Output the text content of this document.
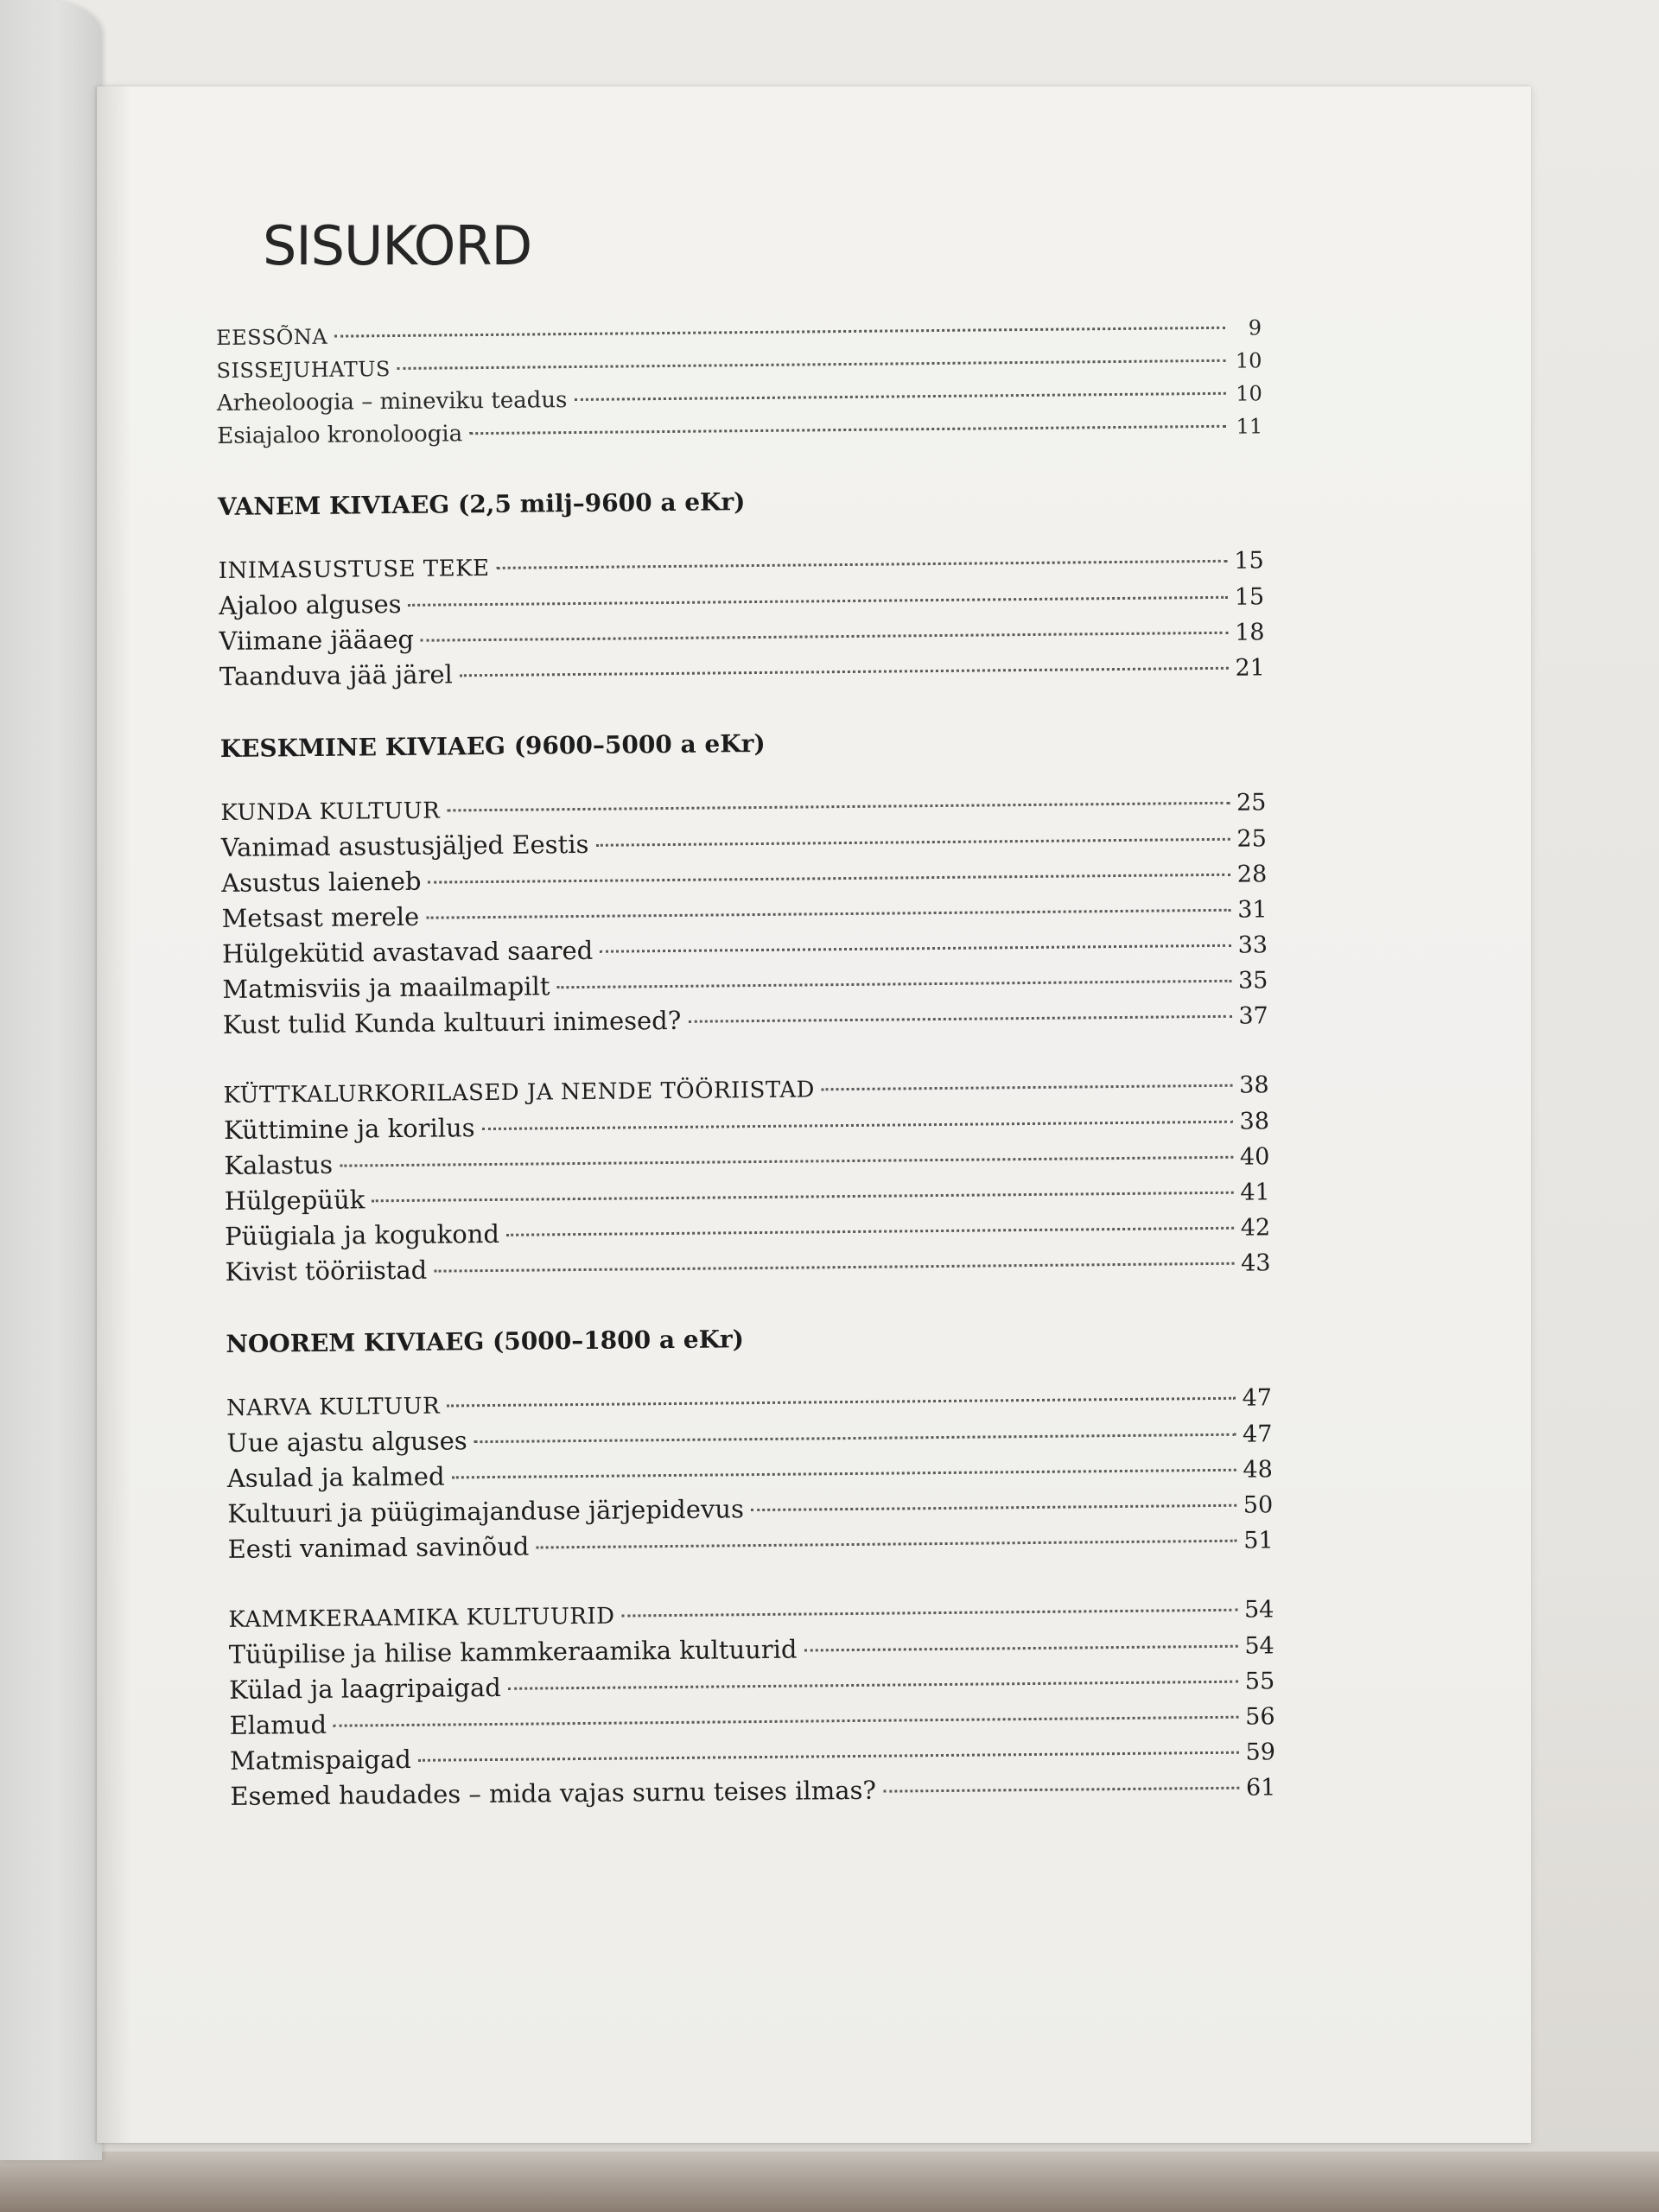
SISUKORD
EESSÕNA	9
SISSEJUHATUS	10
Arheoloogia – mineviku teadus	10
Esiajaloo kronoloogia	11
VANEM KIVIAEG (2,5 milj–9600 a eKr)
INIMASUSTUSE TEKE	15
Ajaloo alguses	15
Viimane jääaeg	18
Taanduva jää järel	21
KESKMINE KIVIAEG (9600–5000 a eKr)
KUNDA KULTUUR	25
Vanimad asustusjäljed Eestis	25
Asustus laieneb	28
Metsast merele	31
Hülgekütid avastavad saared	33
Matmisviis ja maailmapilt	35
Kust tulid Kunda kultuuri inimesed?	37
KÜTTKALURKORILASED JA NENDE TÖÖRIISTAD	38
Küttimine ja korilus	38
Kalastus	40
Hülgepüük	41
Püügiala ja kogukond	42
Kivist tööriistad	43
NOOREM KIVIAEG (5000–1800 a eKr)
NARVA KULTUUR	47
Uue ajastu alguses	47
Asulad ja kalmed	48
Kultuuri ja püügimajanduse järjepidevus	50
Eesti vanimad savinõud	51
KAMMKERAAMIKA KULTUURID	54
Tüüpilise ja hilise kammkeraamika kultuurid	54
Külad ja laagripaigad	55
Elamud	56
Matmispaigad	59
Esemed haudades – mida vajas surnu teises ilmas?	61
